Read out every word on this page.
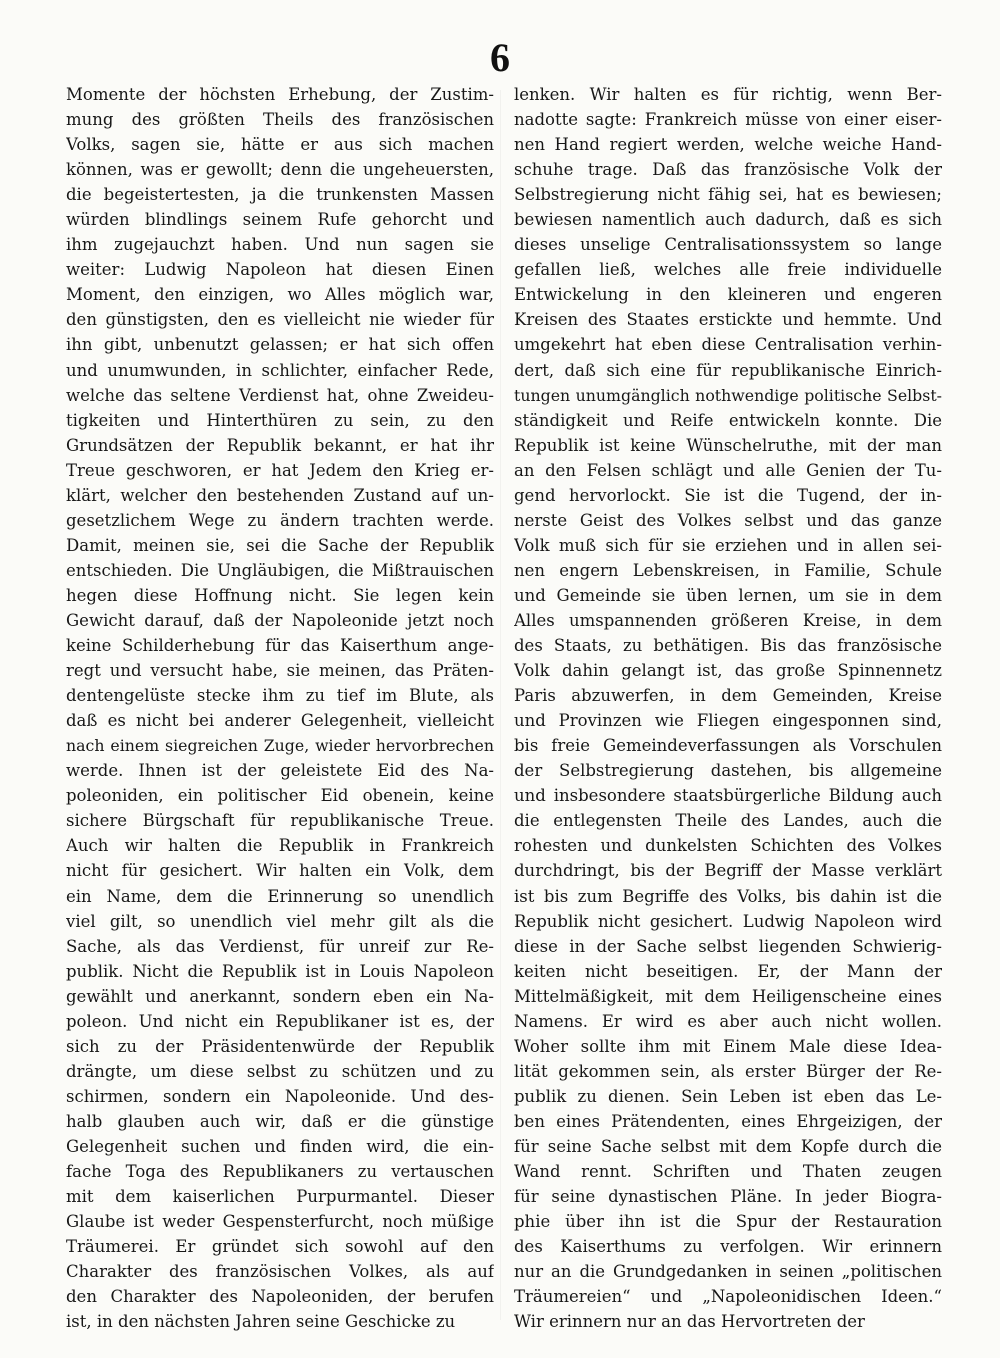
6
Momente der höchsten Erhebung, der Zustim-
mung des größten Theils des französischen
Volks, sagen sie, hätte er aus sich machen
können, was er gewollt; denn die ungeheuersten,
die begeistertesten, ja die trunkensten Massen
würden blindlings seinem Rufe gehorcht und
ihm zugejauchzt haben. Und nun sagen sie
weiter: Ludwig Napoleon hat diesen Einen
Moment, den einzigen, wo Alles möglich war,
den günstigsten, den es vielleicht nie wieder für
ihn gibt, unbenutzt gelassen; er hat sich offen
und unumwunden, in schlichter, einfacher Rede,
welche das seltene Verdienst hat, ohne Zweideu-
tigkeiten und Hinterthüren zu sein, zu den
Grundsätzen der Republik bekannt, er hat ihr
Treue geschworen, er hat Jedem den Krieg er-
klärt, welcher den bestehenden Zustand auf un-
gesetzlichem Wege zu ändern trachten werde.
Damit, meinen sie, sei die Sache der Republik
entschieden. Die Ungläubigen, die Mißtrauischen
hegen diese Hoffnung nicht. Sie legen kein
Gewicht darauf, daß der Napoleonide jetzt noch
keine Schilderhebung für das Kaiserthum ange-
regt und versucht habe, sie meinen, das Präten-
dentengelüste stecke ihm zu tief im Blute, als
daß es nicht bei anderer Gelegenheit, vielleicht
nach einem siegreichen Zuge, wieder hervorbrechen
werde. Ihnen ist der geleistete Eid des Na-
poleoniden, ein politischer Eid obenein, keine
sichere Bürgschaft für republikanische Treue.
Auch wir halten die Republik in Frankreich
nicht für gesichert. Wir halten ein Volk, dem
ein Name, dem die Erinnerung so unendlich
viel gilt, so unendlich viel mehr gilt als die
Sache, als das Verdienst, für unreif zur Re-
publik. Nicht die Republik ist in Louis Napoleon
gewählt und anerkannt, sondern eben ein Na-
poleon. Und nicht ein Republikaner ist es, der
sich zu der Präsidentenwürde der Republik
drängte, um diese selbst zu schützen und zu
schirmen, sondern ein Napoleonide. Und des-
halb glauben auch wir, daß er die günstige
Gelegenheit suchen und finden wird, die ein-
fache Toga des Republikaners zu vertauschen
mit dem kaiserlichen Purpurmantel. Dieser
Glaube ist weder Gespensterfurcht, noch müßige
Träumerei. Er gründet sich sowohl auf den
Charakter des französischen Volkes, als auf
den Charakter des Napoleoniden, der berufen
ist, in den nächsten Jahren seine Geschicke zu
lenken. Wir halten es für richtig, wenn Ber-
nadotte sagte: Frankreich müsse von einer eiser-
nen Hand regiert werden, welche weiche Hand-
schuhe trage. Daß das französische Volk der
Selbstregierung nicht fähig sei, hat es bewiesen;
bewiesen namentlich auch dadurch, daß es sich
dieses unselige Centralisationssystem so lange
gefallen ließ, welches alle freie individuelle
Entwickelung in den kleineren und engeren
Kreisen des Staates erstickte und hemmte. Und
umgekehrt hat eben diese Centralisation verhin-
dert, daß sich eine für republikanische Einrich-
tungen unumgänglich nothwendige politische Selbst-
ständigkeit und Reife entwickeln konnte. Die
Republik ist keine Wünschelruthe, mit der man
an den Felsen schlägt und alle Genien der Tu-
gend hervorlockt. Sie ist die Tugend, der in-
nerste Geist des Volkes selbst und das ganze
Volk muß sich für sie erziehen und in allen sei-
nen engern Lebenskreisen, in Familie, Schule
und Gemeinde sie üben lernen, um sie in dem
Alles umspannenden größeren Kreise, in dem
des Staats, zu bethätigen. Bis das französische
Volk dahin gelangt ist, das große Spinnennetz
Paris abzuwerfen, in dem Gemeinden, Kreise
und Provinzen wie Fliegen eingesponnen sind,
bis freie Gemeindeverfassungen als Vorschulen
der Selbstregierung dastehen, bis allgemeine
und insbesondere staatsbürgerliche Bildung auch
die entlegensten Theile des Landes, auch die
rohesten und dunkelsten Schichten des Volkes
durchdringt, bis der Begriff der Masse verklärt
ist bis zum Begriffe des Volks, bis dahin ist die
Republik nicht gesichert. Ludwig Napoleon wird
diese in der Sache selbst liegenden Schwierig-
keiten nicht beseitigen. Er, der Mann der
Mittelmäßigkeit, mit dem Heiligenscheine eines
Namens. Er wird es aber auch nicht wollen.
Woher sollte ihm mit Einem Male diese Idea-
lität gekommen sein, als erster Bürger der Re-
publik zu dienen. Sein Leben ist eben das Le-
ben eines Prätendenten, eines Ehrgeizigen, der
für seine Sache selbst mit dem Kopfe durch die
Wand rennt. Schriften und Thaten zeugen
für seine dynastischen Pläne. In jeder Biogra-
phie über ihn ist die Spur der Restauration
des Kaiserthums zu verfolgen. Wir erinnern
nur an die Grundgedanken in seinen „politischen
Träumereien“ und „Napoleonidischen Ideen.“
Wir erinnern nur an das Hervortreten der
